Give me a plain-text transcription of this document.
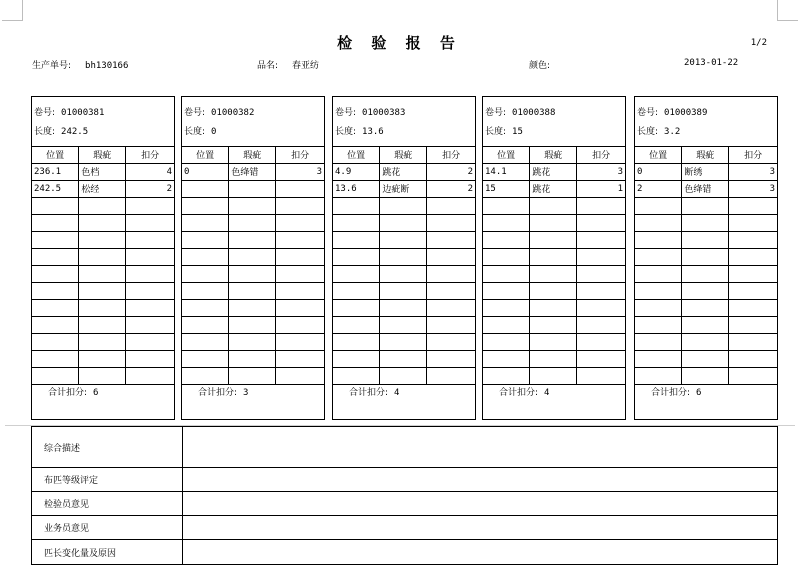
检 验 报 告	1/2
生产单号: bh130166	品名: 春亚纺	颜色:	2013-01-22
卷号: 01000381
长度: 242.5
位置	瑕疵	扣分
236.1	色档	4
242.5	松经	2

合计扣分: 6
卷号: 01000382
长度: 0
位置	瑕疵	扣分
0	色绛错	3

合计扣分: 3
卷号: 01000383
长度: 13.6
位置	瑕疵	扣分
4.9	跳花	2
13.6	边疵断	2

合计扣分: 4
卷号: 01000388
长度: 15
位置	瑕疵	扣分
14.1	跳花	3
15	跳花	1

合计扣分: 4
卷号: 01000389
长度: 3.2
位置	瑕疵	扣分
0	断绣	3
2	色绛错	3

合计扣分: 6
综合描述
布匹等级评定
检验员意见
业务员意见
匹长变化量及原因
